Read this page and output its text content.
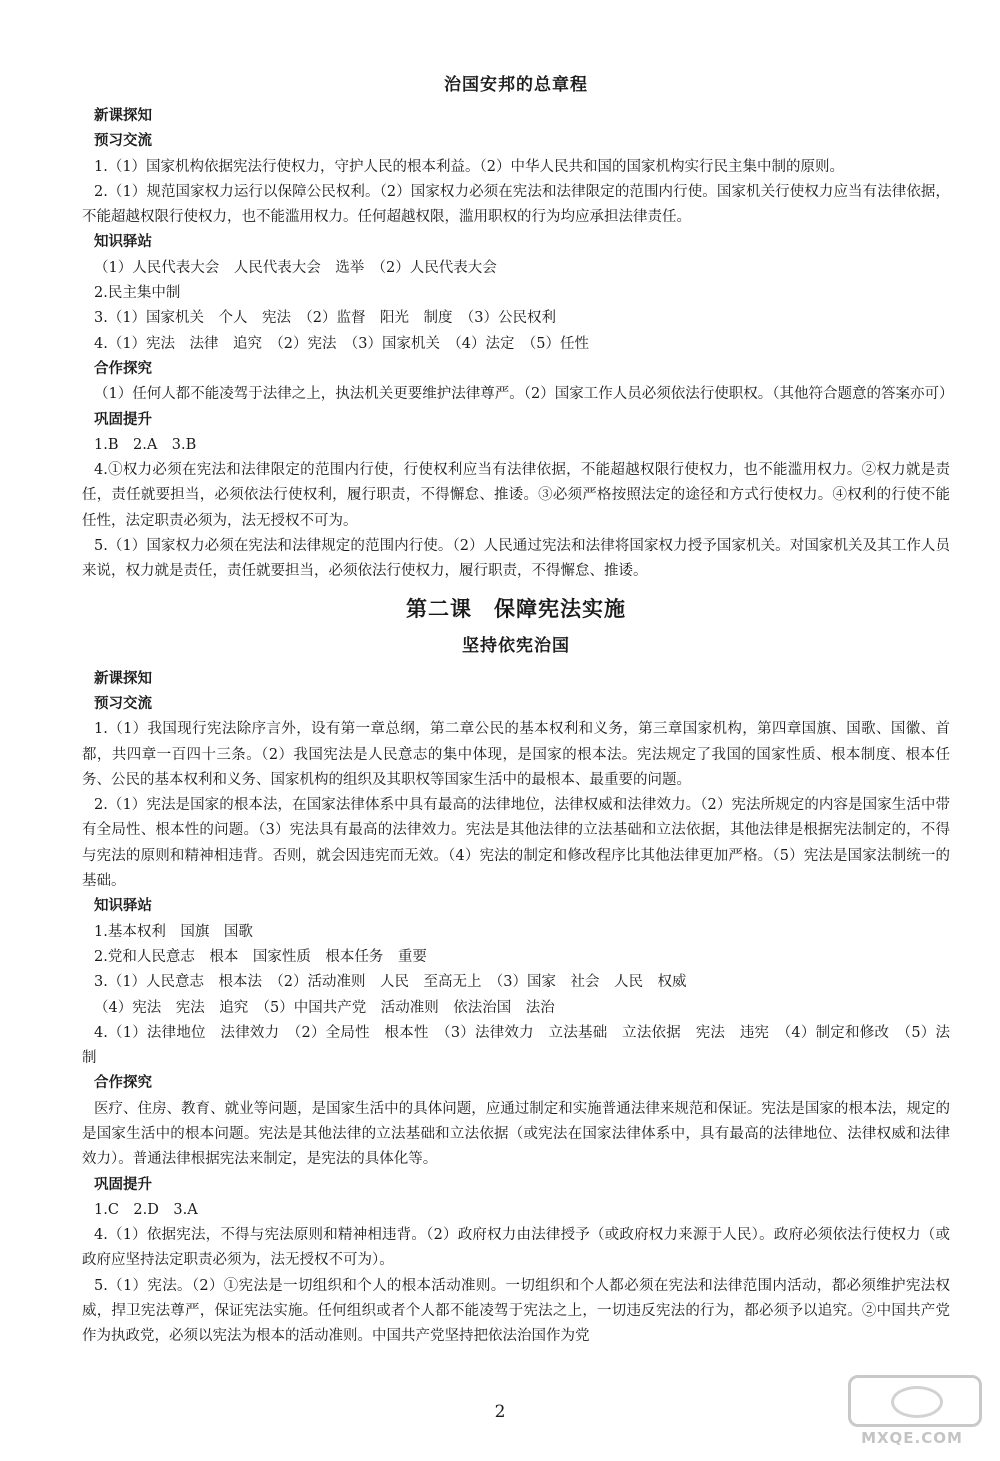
治国安邦的总章程
新课探知
预习交流

1.（1）国家机构依据宪法行使权力，守护人民的根本利益。（2）中华人民共和国的国家机构实行民主集中制的原则。

2.（1）规范国家权力运行以保障公民权利。（2）国家权力必须在宪法和法律限定的范围内行使。国家机关行使权力应当有法律依据，不能超越权限行使权力，也不能滥用权力。任何超越权限，滥用职权的行为均应承担法律责任。

知识驿站
（1）人民代表大会　人民代表大会　选举　（2）人民代表大会
2.民主集中制
3.（1）国家机关　个人　宪法　（2）监督　阳光　制度　（3）公民权利
4.（1）宪法　法律　追究　（2）宪法　（3）国家机关　（4）法定　（5）任性
合作探究

（1）任何人都不能凌驾于法律之上，执法机关更要维护法律尊严。（2）国家工作人员必须依法行使职权。（其他符合题意的答案亦可）

巩固提升
1.B　2.A　3.B

4.①权力必须在宪法和法律限定的范围内行使，行使权利应当有法律依据，不能超越权限行使权力，也不能滥用权力。②权力就是责任，责任就要担当，必须依法行使权利，履行职责，不得懈怠、推诿。③必须严格按照法定的途径和方式行使权力。④权利的行使不能任性，法定职责必须为，法无授权不可为。

5.（1）国家权力必须在宪法和法律规定的范围内行使。（2）人民通过宪法和法律将国家权力授予国家机关。对国家机关及其工作人员来说，权力就是责任，责任就要担当，必须依法行使权力，履行职责，不得懈怠、推诿。

第二课　保障宪法实施
坚持依宪治国
新课探知
预习交流

1.（1）我国现行宪法除序言外，设有第一章总纲，第二章公民的基本权利和义务，第三章国家机构，第四章国旗、国歌、国徽、首都，共四章一百四十三条。（2）我国宪法是人民意志的集中体现，是国家的根本法。宪法规定了我国的国家性质、根本制度、根本任务、公民的基本权利和义务、国家机构的组织及其职权等国家生活中的最根本、最重要的问题。

2.（1）宪法是国家的根本法，在国家法律体系中具有最高的法律地位，法律权威和法律效力。（2）宪法所规定的内容是国家生活中带有全局性、根本性的问题。（3）宪法具有最高的法律效力。宪法是其他法律的立法基础和立法依据，其他法律是根据宪法制定的，不得与宪法的原则和精神相违背。否则，就会因违宪而无效。（4）宪法的制定和修改程序比其他法律更加严格。（5）宪法是国家法制统一的基础。

知识驿站
1.基本权利　国旗　国歌
2.党和人民意志　根本　国家性质　根本任务　重要
3.（1）人民意志　根本法　（2）活动准则　人民　至高无上　（3）国家　社会　人民　权威
（4）宪法　宪法　追究　（5）中国共产党　活动准则　依法治国　法治

4.（1）法律地位　法律效力　（2）全局性　根本性　（3）法律效力　立法基础　立法依据　宪法　违宪　（4）制定和修改　（5）法制

合作探究

医疗、住房、教育、就业等问题，是国家生活中的具体问题，应通过制定和实施普通法律来规范和保证。宪法是国家的根本法，规定的是国家生活中的根本问题。宪法是其他法律的立法基础和立法依据（或宪法在国家法律体系中，具有最高的法律地位、法律权威和法律效力）。普通法律根据宪法来制定，是宪法的具体化等。

巩固提升
1.C　2.D　3.A

4.（1）依据宪法，不得与宪法原则和精神相违背。（2）政府权力由法律授予（或政府权力来源于人民）。政府必须依法行使权力（或政府应坚持法定职责必须为，法无授权不可为）。

5.（1）宪法。（2）①宪法是一切组织和个人的根本活动准则。一切组织和个人都必须在宪法和法律范围内活动，都必须维护宪法权威，捍卫宪法尊严，保证宪法实施。任何组织或者个人都不能凌驾于宪法之上，一切违反宪法的行为，都必须予以追究。②中国共产党作为执政党，必须以宪法为根本的活动准则。中国共产党坚持把依法治国作为党

2
MXQE.COM
